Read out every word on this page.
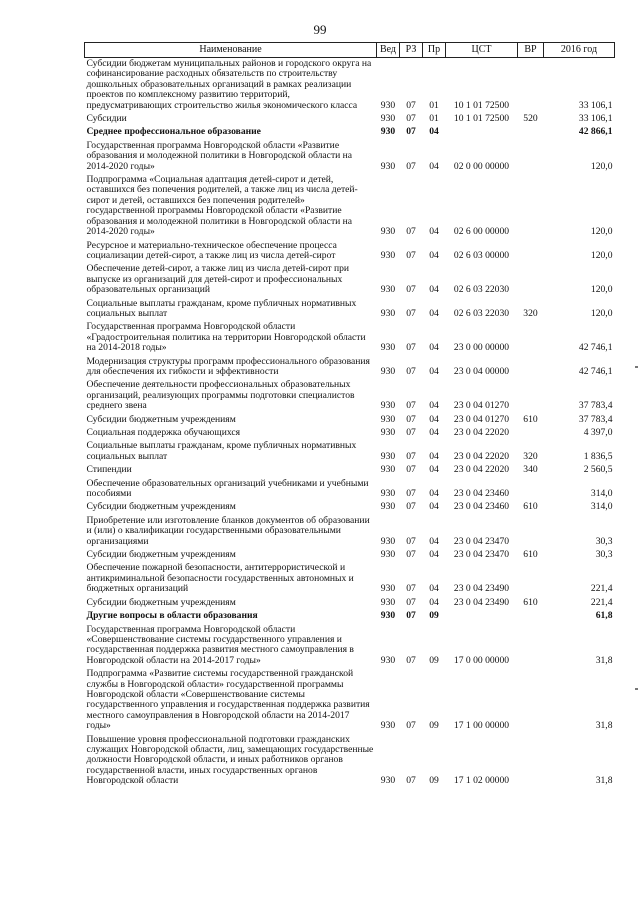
99
Наименование	Вед	РЗ	Пр	ЦСТ	ВР	2016 год
Субсидии бюджетам муниципальных районов и городского округа на софинансирование расходных обязательств по строительству дошкольных образовательных организаций в рамках реализации проектов по комплексному развитию территорий, предусматривающих строительство жилья экономического класса	930	07	01	10 1 01 72500		33 106,1
Субсидии	930	07	01	10 1 01 72500	520	33 106,1
Среднее профессиональное образование	930	07	04			42 866,1
Государственная программа Новгородской области «Развитие образования и молодежной политики в Новгородской области на 2014-2020 годы»	930	07	04	02 0 00 00000		120,0
Подпрограмма «Социальная адаптация детей-сирот и детей, оставшихся без попечения родителей, а также лиц из числа детей-сирот и детей, оставшихся без попечения родителей» государственной программы Новгородской области «Развитие образования и молодежной политики в Новгородской области на 2014-2020 годы»	930	07	04	02 6 00 00000		120,0
Ресурсное и материально-техническое обеспечение процесса социализации детей-сирот, а также лиц из числа детей-сирот	930	07	04	02 6 03 00000		120,0
Обеспечение детей-сирот, а также лиц из числа детей-сирот при выпуске из организаций для детей-сирот и профессиональных образовательных организаций	930	07	04	02 6 03 22030		120,0
Социальные выплаты гражданам, кроме публичных нормативных социальных выплат	930	07	04	02 6 03 22030	320	120,0
Государственная программа Новгородской области «Градостроительная политика на территории Новгородской области на 2014-2018 годы»	930	07	04	23 0 00 00000		42 746,1
Модернизация структуры программ профессионального образования для обеспечения их гибкости и эффективности	930	07	04	23 0 04 00000		42 746,1
Обеспечение деятельности профессиональных образовательных организаций, реализующих программы подготовки специалистов среднего звена	930	07	04	23 0 04 01270		37 783,4
Субсидии бюджетным учреждениям	930	07	04	23 0 04 01270	610	37 783,4
Социальная поддержка обучающихся	930	07	04	23 0 04 22020		4 397,0
Социальные выплаты гражданам, кроме публичных нормативных социальных выплат	930	07	04	23 0 04 22020	320	1 836,5
Стипендии	930	07	04	23 0 04 22020	340	2 560,5
Обеспечение образовательных организаций учебниками и учебными пособиями	930	07	04	23 0 04 23460		314,0
Субсидии бюджетным учреждениям	930	07	04	23 0 04 23460	610	314,0
Приобретение или изготовление бланков документов об образовании и (или) о квалификации государственными образовательными организациями	930	07	04	23 0 04 23470		30,3
Субсидии бюджетным учреждениям	930	07	04	23 0 04 23470	610	30,3
Обеспечение пожарной безопасности, антитеррористической и антикриминальной безопасности государственных автономных и бюджетных организаций	930	07	04	23 0 04 23490		221,4
Субсидии бюджетным учреждениям	930	07	04	23 0 04 23490	610	221,4
Другие вопросы в области образования	930	07	09			61,8
Государственная программа Новгородской области «Совершенствование системы государственного управления и государственная поддержка развития местного самоуправления в Новгородской области на 2014-2017 годы»	930	07	09	17 0 00 00000		31,8
Подпрограмма «Развитие системы государственной гражданской службы в Новгородской области» государственной программы Новгородской области «Совершенствование системы государственного управления и государственная поддержка развития местного самоуправления в Новгородской области на 2014-2017 годы»	930	07	09	17 1 00 00000		31,8
Повышение уровня профессиональной подготовки гражданских служащих Новгородской области, лиц, замещающих государственные должности Новгородской области, и иных работников органов государственной власти, иных государственных органов Новгородской области	930	07	09	17 1 02 00000		31,8
